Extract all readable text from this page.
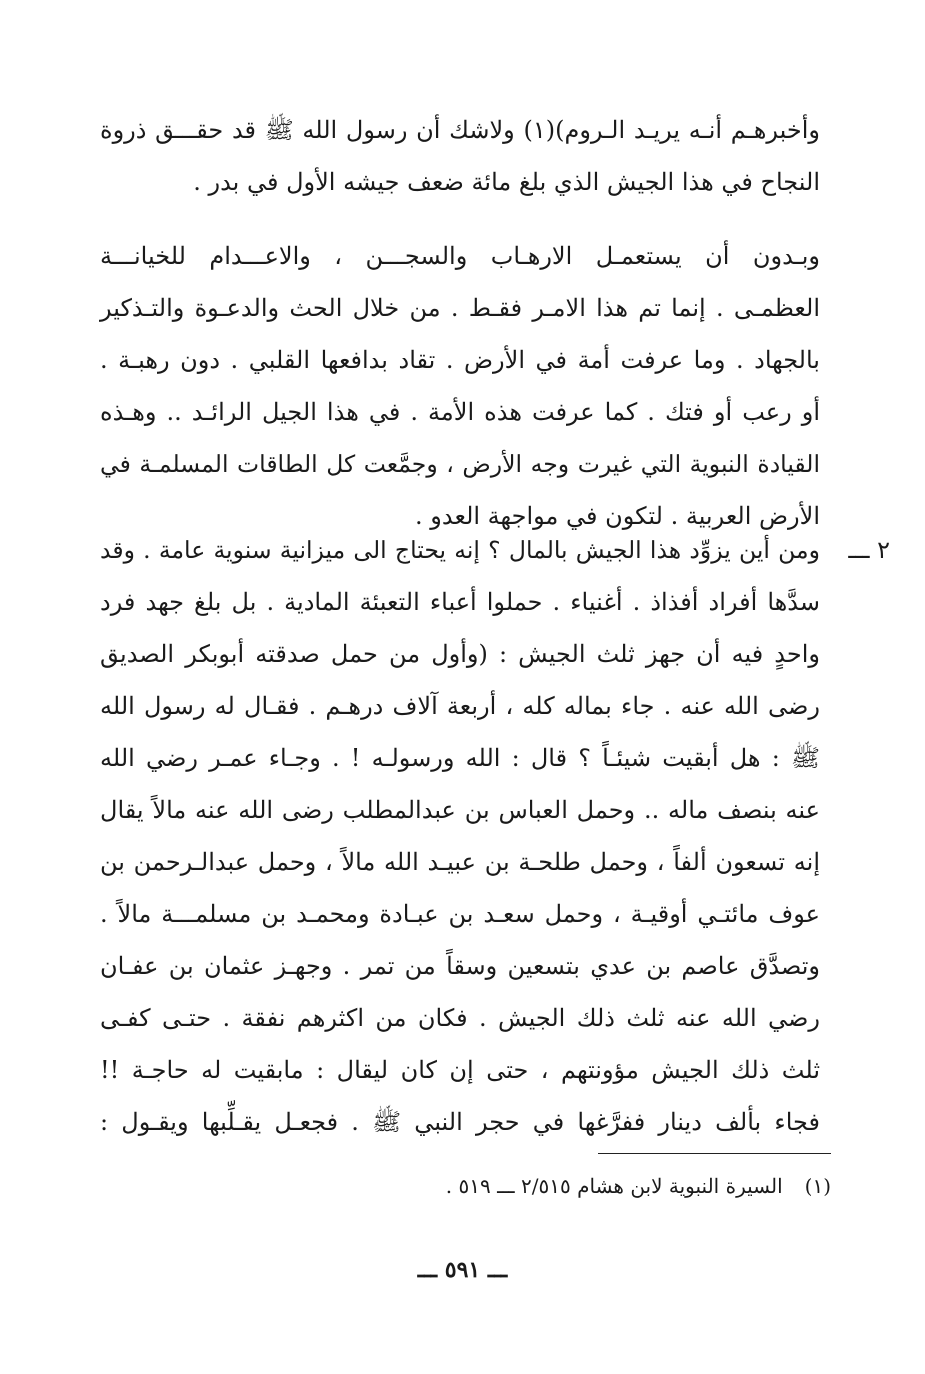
وأخبرهـم أنـه يريـد الـروم)(١) ولاشك أن رسول الله ﷺ قد حقـــق ذروة
النجاح في هذا الجيش الذي بلغ مائة ضعف جيشه الأول في بدر .
وبـدون أن يستعمـل الارهـاب والسجـــن ، والاعـــدام للخيانـــة
العظمـى . إنما تم هذا الامـر فقـط . من خلال الحث والدعـوة والتـذكير
بالجهاد . وما عرفت أمة في الأرض . تقاد بدافعها القلبي . دون رهبـة .
أو رعب أو فتك . كما عرفت هذه الأمة . في هذا الجيل الرائـد .. وهـذه
القيادة النبوية التي غيرت وجه الأرض ، وجمَّعت كل الطاقات المسلمـة في
الأرض العربية . لتكون في مواجهة العدو .
٢ ـــ
ومن أين يزوِّد هذا الجيش بالمال ؟ إنه يحتاج الى ميزانية سنوية عامة . وقد
سدَّها أفراد أفذاذ . أغنياء . حملوا أعباء التعبئة المادية . بل بلغ جهد فرد
واحدٍ فيه أن جهز ثلث الجيش : (وأول من حمل صدقته أبوبكر الصديق
رضى الله عنه . جاء بماله كله ، أربعة آلاف درهـم . فقـال له رسول الله
ﷺ : هل أبقيت شيئـاً ؟ قال : الله ورسولـه ! . وجـاء عمـر رضي الله
عنه بنصف ماله .. وحمل العباس بن عبدالمطلب رضى الله عنه مالاً يقال
إنه تسعون ألفاً ، وحمل طلحـة بن عبيـد الله مالاً ، وحمل عبدالـرحمن بن
عوف مائتـي أوقيـة ، وحمل سعـد بن عبـادة ومحمـد بن مسلمـــة مالاً .
وتصدَّق عاصم بن عدي بتسعين وسقاً من تمر . وجهـز عثمان بن عفـان
رضي الله عنه ثلث ذلك الجيش . فكان من اكثرهم نفقة . حتـى كفـى
ثلث ذلك الجيش مؤونتهم ، حتى إن كان ليقال : مابقيت له حاجـة !!
فجاء بألف دينار ففرَّغها في حجر النبي ﷺ . فجعـل يقـلِّبها ويقـول :
(١)السيرة النبوية لابن هشام ٢/٥١٥ ـــ ٥١٩ .
ـــ ٥٩١ ـــ
